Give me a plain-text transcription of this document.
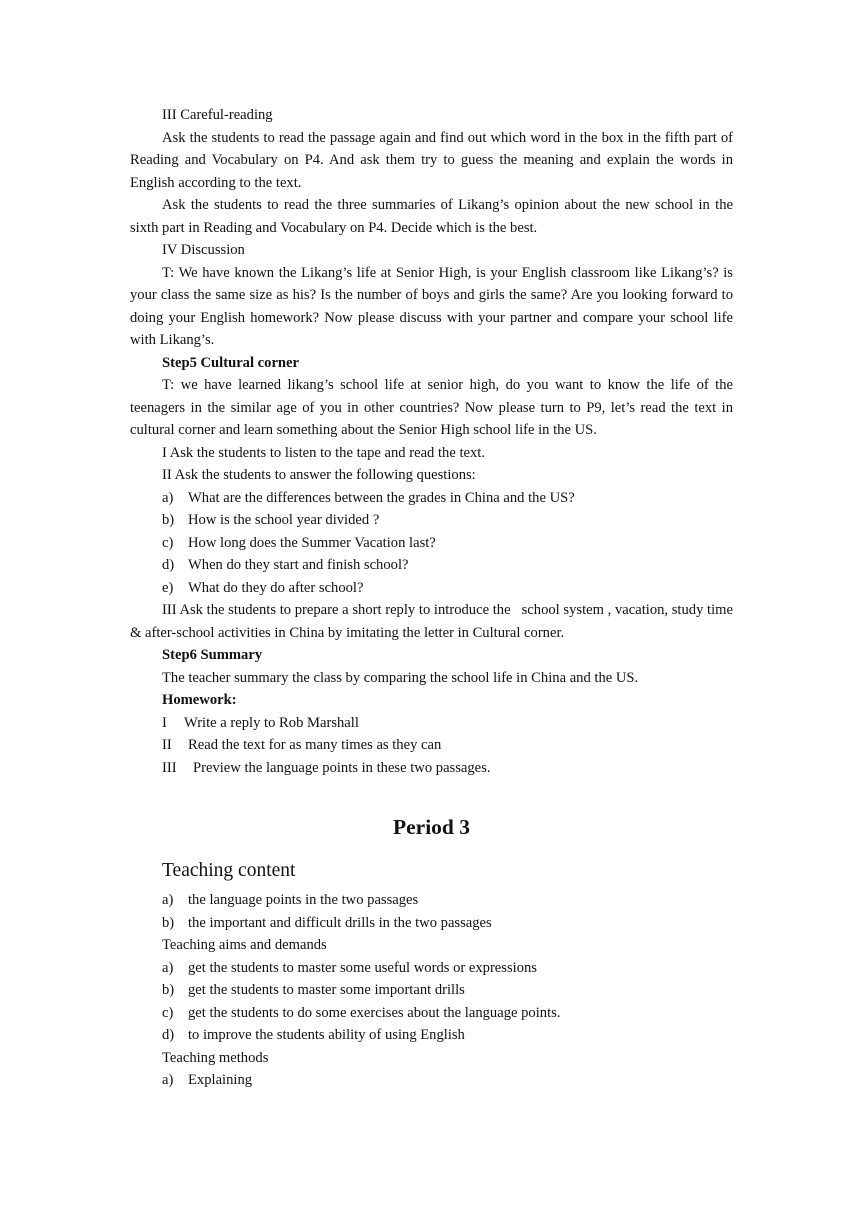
III Careful-reading

Ask the students to read the passage again and find out which word in the box in the fifth part of Reading and Vocabulary on P4. And ask them try to guess the meaning and explain the words in English according to the text.

Ask the students to read the three summaries of Likang’s opinion about the new school in the sixth part in Reading and Vocabulary on P4. Decide which is the best.

IV Discussion

T: We have known the Likang’s life at Senior High, is your English classroom like Likang’s? is your class the same size as his? Is the number of boys and girls the same? Are you looking forward to doing your English homework? Now please discuss with your partner and compare your school life with Likang’s.

Step5 Cultural corner

T: we have learned likang’s school life at senior high, do you want to know the life of the teenagers in the similar age of you in other countries? Now please turn to P9, let’s read the text in cultural corner and learn something about the Senior High school life in the US.

I Ask the students to listen to the tape and read the text.

II Ask the students to answer the following questions:

a)	What are the differences between the grades in China and the US?
b) How is the school year divided ?
c)	How long does the Summer Vacation last?
d) When do they start and finish school?
e)	What do they do after school?

III Ask the students to prepare a short reply to introduce the   school system , vacation, study time & after-school activities in China by imitating the letter in Cultural corner.

Step6 Summary

The teacher summary the class by comparing the school life in China and the US.

Homework:

I Write a reply to Rob Marshall
II Read the text for as many times as they can
III Preview the language points in these two passages.
Period 3
Teaching content
a)	the language points in the two passages
b) the important and difficult drills in the two passages

Teaching aims and demands

a)	get the students to master some useful words or expressions
b) get the students to master some important drills
c)	get the students to do some exercises about the language points.
d) to improve the students ability of using English

Teaching methods

a)	Explaining
